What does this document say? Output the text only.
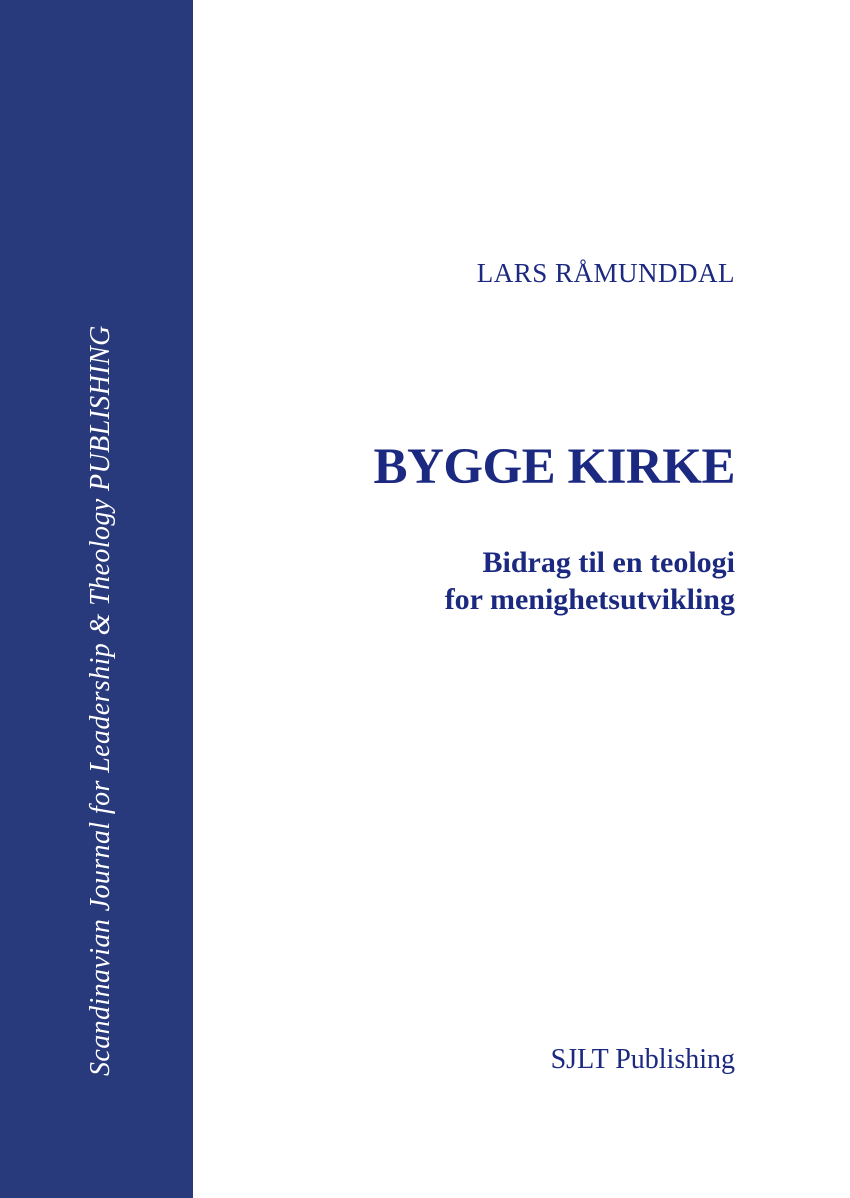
Scandinavian Journal for Leadership & Theology PUBLISHING
LARS RÅMUNDDAL
BYGGE KIRKE
Bidrag til en teologi
for menighetsutvikling
SJLT Publishing
